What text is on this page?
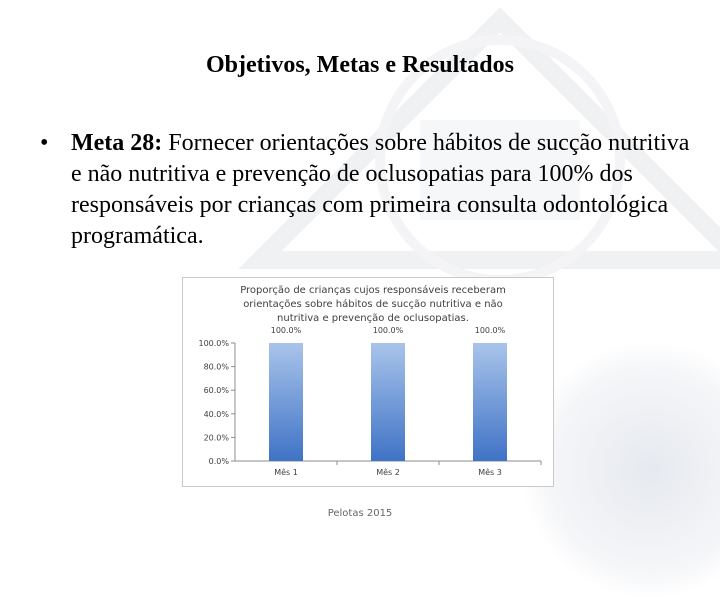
Objetivos, Metas e Resultados
• Meta 28: Fornecer orientações sobre hábitos de sucção nutritiva e não nutritiva e prevenção de oclusopatias para 100% dos responsáveis por crianças com primeira consulta odontológica programática.
0.0%
20.0%
40.0%
60.0%
80.0%
100.0%
100.0%
Mês 1
100.0%
Mês 2
100.0%
Mês 3
Proporção de crianças cujos responsáveis receberam orientações sobre hábitos de sucção nutritiva e não nutritiva e prevenção de oclusopatias.
Pelotas 2015
